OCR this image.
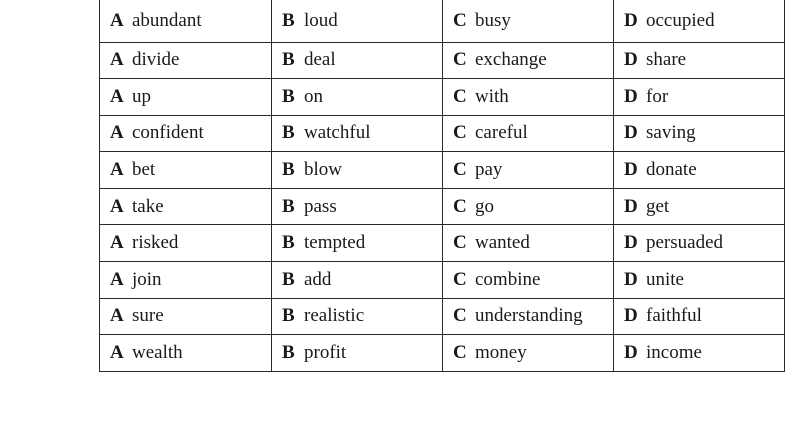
A abundant	B loud	C busy	D occupied
A divide	B deal	C exchange	D share
A up	B on	C with	D for
A confident	B watchful	C careful	D saving
A bet	B blow	C pay	D donate
A take	B pass	C go	D get
A risked	B tempted	C wanted	D persuaded
A join	B add	C combine	D unite
A sure	B realistic	C understanding	D faithful
A wealth	B profit	C money	D income
